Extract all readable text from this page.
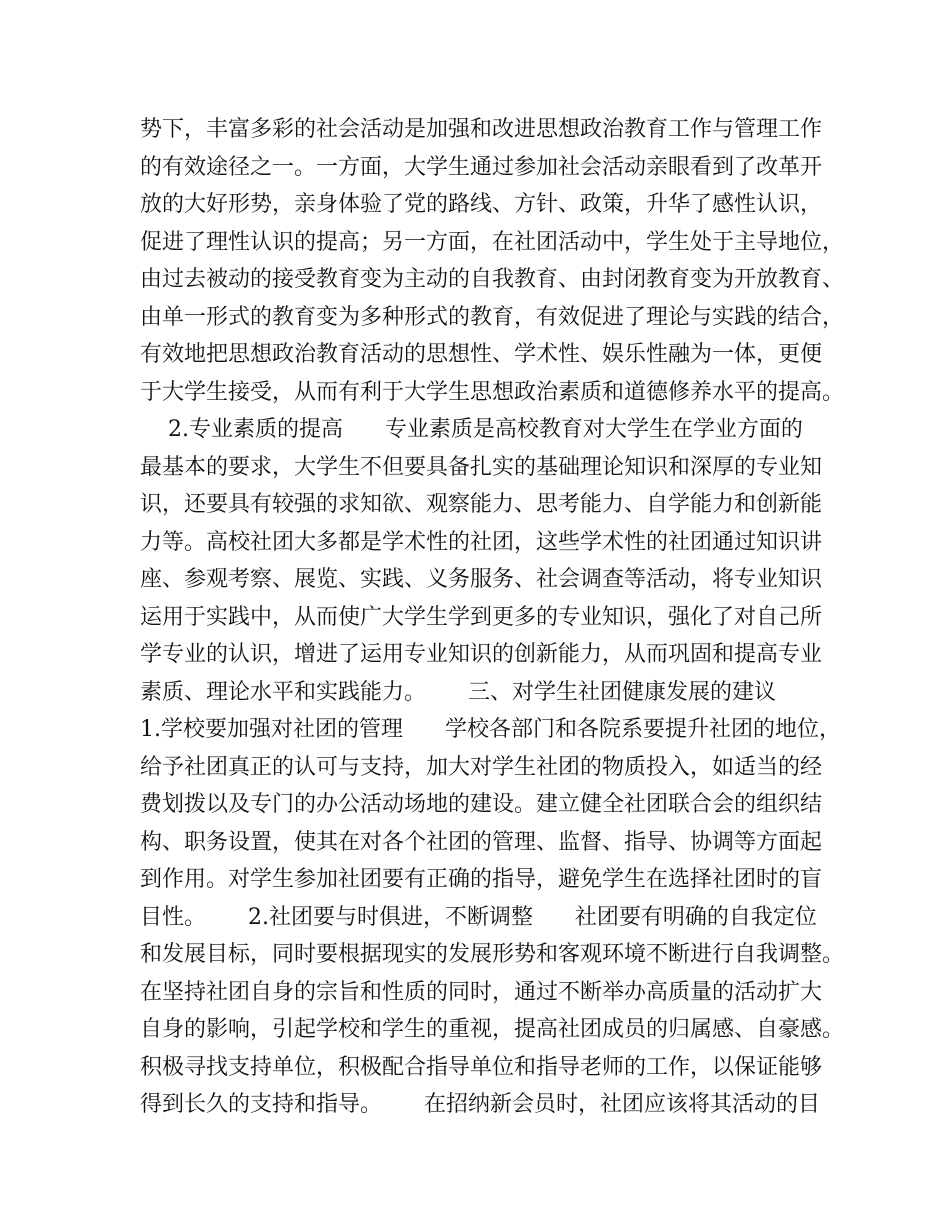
势下，丰富多彩的社会活动是加强和改进思想政治教育工作与管理工作
的有效途径之一。一方面，大学生通过参加社会活动亲眼看到了改革开
放的大好形势，亲身体验了党的路线、方针、政策，升华了感性认识，
促进了理性认识的提高；另一方面，在社团活动中，学生处于主导地位，
由过去被动的接受教育变为主动的自我教育、由封闭教育变为开放教育、
由单一形式的教育变为多种形式的教育，有效促进了理论与实践的结合，
有效地把思想政治教育活动的思想性、学术性、娱乐性融为一体，更便
于大学生接受，从而有利于大学生思想政治素质和道德修养水平的提高。
2.专业素质的提高      专业素质是高校教育对大学生在学业方面的
最基本的要求，大学生不但要具备扎实的基础理论知识和深厚的专业知
识，还要具有较强的求知欲、观察能力、思考能力、自学能力和创新能
力等。高校社团大多都是学术性的社团，这些学术性的社团通过知识讲
座、参观考察、展览、实践、义务服务、社会调查等活动，将专业知识
运用于实践中，从而使广大学生学到更多的专业知识，强化了对自己所
学专业的认识，增进了运用专业知识的创新能力，从而巩固和提高专业
素质、理论水平和实践能力。      三、对学生社团健康发展的建议
1.学校要加强对社团的管理      学校各部门和各院系要提升社团的地位，
给予社团真正的认可与支持，加大对学生社团的物质投入，如适当的经
费划拨以及专门的办公活动场地的建设。建立健全社团联合会的组织结
构、职务设置，使其在对各个社团的管理、监督、指导、协调等方面起
到作用。对学生参加社团要有正确的指导，避免学生在选择社团时的盲
目性。      2.社团要与时俱进，不断调整      社团要有明确的自我定位
和发展目标，同时要根据现实的发展形势和客观环境不断进行自我调整。
在坚持社团自身的宗旨和性质的同时，通过不断举办高质量的活动扩大
自身的影响，引起学校和学生的重视，提高社团成员的归属感、自豪感。
积极寻找支持单位，积极配合指导单位和指导老师的工作，以保证能够
得到长久的支持和指导。      在招纳新会员时，社团应该将其活动的目
